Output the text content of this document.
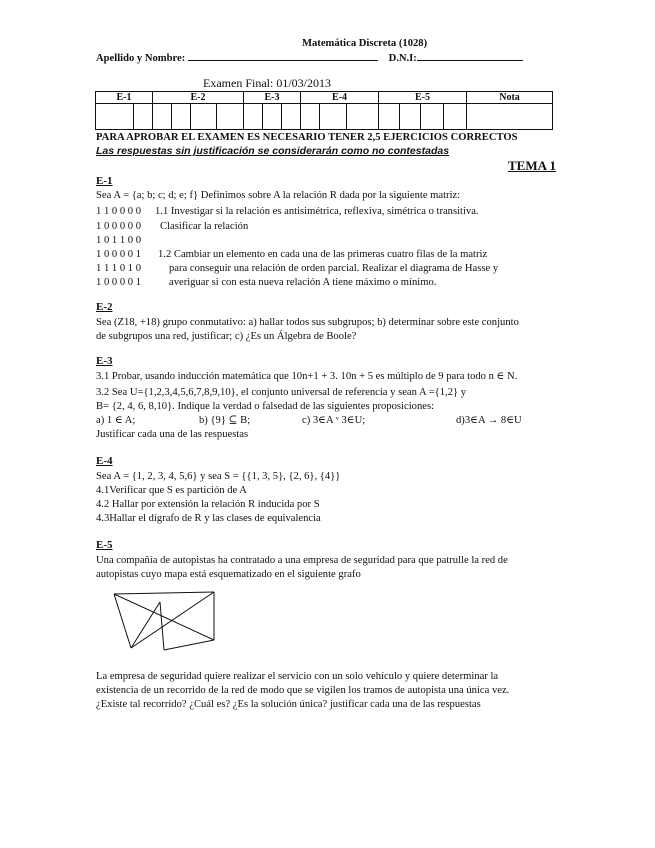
Matemática Discreta (1028)
Apellido y Nombre:	D.N.I:
Examen Final: 01/03/2013
E-1		E-2				E-3			E-4			E-5				Nota

PARA APROBAR EL EXAMEN ES NECESARIO TENER 2,5 EJERCICIOS CORRECTOS
Las respuestas sin justificación se considerarán como no contestadas
TEMA 1
E-1
Sea A = {a; b; c; d; e; f} Definimos sobre A la relación R dada por la siguiente matriz:
1 1 0 0 0 0 1.1 Investigar si la relación es antisimétrica, reflexiva, simétrica o transitiva.
1 0 0 0 0 0 Clasificar la relación
1 0 1 1 0 0
1 0 0 0 0 1 1.2 Cambiar un elemento en cada una de las primeras cuatro filas de la matriz
1 1 1 0 1 0	para conseguir una relación de orden parcial. Realizar el diagrama de Hasse y
1 0 0 0 0 1	averiguar si con esta nueva relación A tiene máximo o mínimo.
E-2
Sea (Z18, +18) grupo conmutativo: a) hallar todos sus subgrupos; b) determinar sobre este conjunto
de subgrupos una red, justificar; c) ¿Es un Álgebra de Boole?
E-3
3.1 Probar, usando inducción matemática que 10n+1 + 3. 10n + 5 es múltiplo de 9 para todo n ∈ N.
3.2 Sea U={1,2,3,4,5,6,7,8,9,10}, el conjunto universal de referencia y sean A ={1,2} y
B= {2, 4, 6, 8,10}. Indique la verdad o falsedad de las siguientes proposiciones:
a) 1 ∈ A;	b) {9} ⊆ B;	c) 3∈A ᵛ 3∈U;	d)3∈A → 8∈U
Justificar cada una de las respuestas
E-4
Sea A = {1, 2, 3, 4, 5,6} y sea S = {{1, 3, 5}, {2, 6}, {4}}
4.1Verificar que S es partición de A
4.2 Hallar por extensión la relación R inducida por S
4.3Hallar el dígrafo de R y las clases de equivalencia
E-5
Una compañía de autopistas ha contratado a una empresa de seguridad para que patrulle la red de
autopistas cuyo mapa está esquematizado en el siguiente grafo
La empresa de seguridad quiere realizar el servicio con un solo vehículo y quiere determinar la
existencia de un recorrido de la red de modo que se vigilen los tramos de autopista una única vez.
¿Existe tal recorrido? ¿Cuál es? ¿Es la solución única? justificar cada una de las respuestas
